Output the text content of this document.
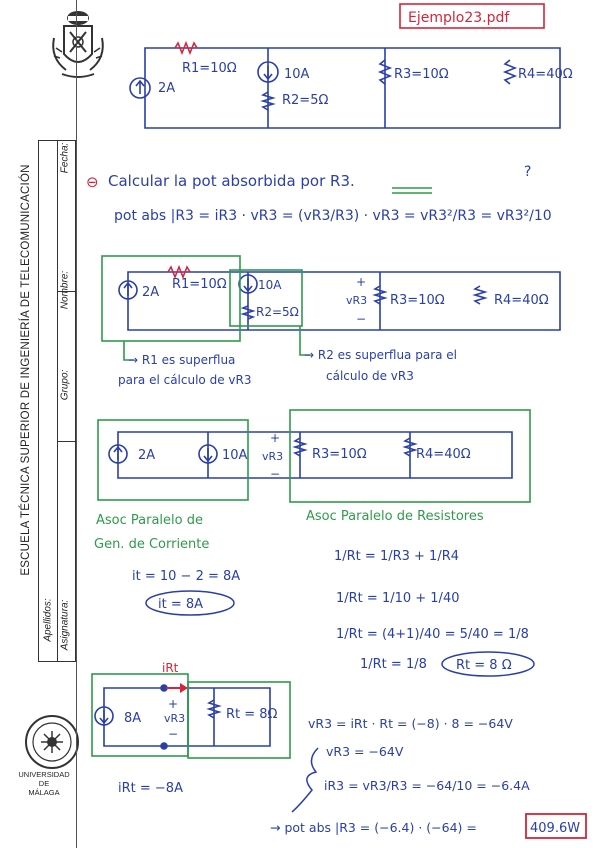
ESCUELA TÉCNICA SUPERIOR DE INGENIERÍA DE TELECOMUNICACIÓN	Nombre:
Fecha:
Grupo:
Apellidos: Asignatura:
UNIVERSIDAD
DE
MÁLAGA
Ejemplo23.pdf
2A
R1=10Ω	10A
R2=5Ω
R3=10Ω	R4=40Ω
⊖ Calcular la pot absorbida por R3.
pot abs |R3 = iR3 · vR3 = (vR3/R3) · vR3 = vR3²/R3 = vR3²/10
?
2A
R1=10Ω	10A
R2=5Ω
+
vR3
−
R3=10Ω	R4=40Ω
→ R1 es superflua
para el cálculo de vR3
→ R2 es superflua para el
cálculo de vR3
2A	10A
+
vR3
−
R3=10Ω	R4=40Ω
Asoc Paralelo de
Gen. de Corriente
Asoc Paralelo de Resistores
it = 10 − 2 = 8A
it = 8A
1/Rt = 1/R3 + 1/R4
1/Rt = 1/10 + 1/40
1/Rt = (4+1)/40 = 5/40 = 1/8
1/Rt = 1/8 Rt = 8 Ω
iRt
8A
+
vR3
−
Rt = 8Ω
iRt = −8A
vR3 = iRt · Rt = (−8) · 8 = −64V
vR3 = −64V
iR3 = vR3/R3 = −64/10 = −6.4A
→ pot abs |R3 = (−6.4) · (−64) =	409.6W
